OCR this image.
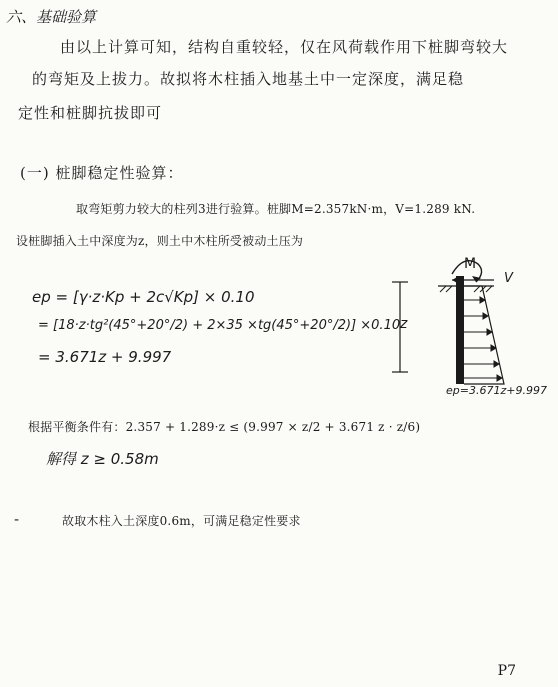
六、基础验算
由以上计算可知，结构自重较轻，仅在风荷载作用下桩脚弯较大
的弯矩及上拔力。故拟将木柱插入地基土中一定深度，满足稳
定性和桩脚抗拔即可
(一) 桩脚稳定性验算：
取弯矩剪力较大的柱列3进行验算。桩脚M=2.357kN·m，V=1.289 kN.
设桩脚插入土中深度为z，则土中木柱所受被动土压为
ep = [γ·z·Kp + 2c√Kp] × 0.10
= [18·z·tg²(45°+20°/2) + 2×35 ×tg(45°+20°/2)] ×0.10
= 3.671z + 9.997
z
M
V
ep=3.671z+9.997
根据平衡条件有：2.357 + 1.289·z ≤ (9.997 × z/2 + 3.671 z · z/6)
解得 z ≥ 0.58m
-	故取木柱入土深度0.6m，可满足稳定性要求
P7
